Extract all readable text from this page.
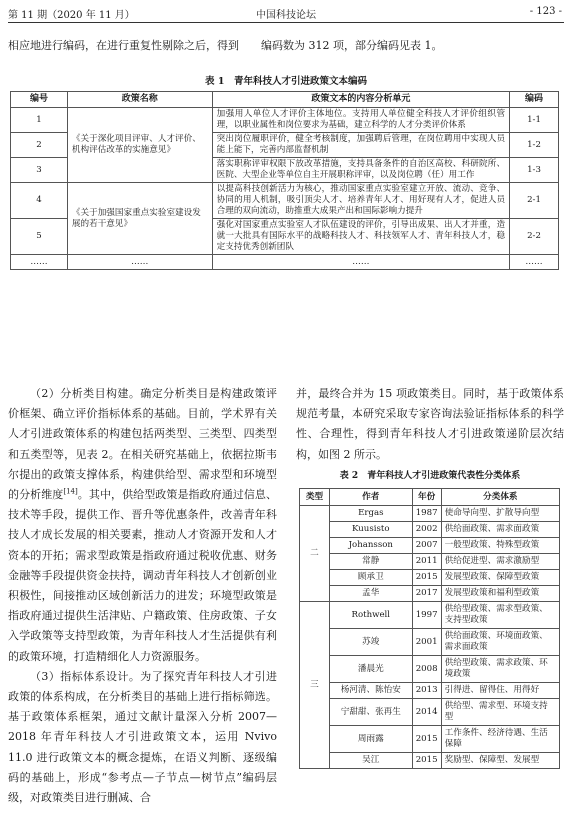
第 11 期（2020 年 11 月）	中国科技论坛	- 123 -
相应地进行编码，在进行重复性剔除之后，得到　　编码数为 312 项，部分编码见表 1。
表 1　青年科技人才引进政策文本编码
编号	政策名称	政策文本的内容分析单元	编码
1	《关于深化项目评审、人才评价、机构评估改革的实施意见》	加强用人单位人才评价主体地位。支持用人单位健全科技人才评价组织管理，以职业属性和岗位要求为基础，建立科学的人才分类评价体系	1-1
2		突出岗位履职评价，健全考核制度，加强聘后管理，在岗位聘用中实现人员能上能下，完善内部监督机制	1-2
3		落实职称评审权限下放改革措施，支持具备条件的自治区高校、科研院所、医院、大型企业等单位自主开展职称评审，以及岗位聘（任）用工作	1-3
4	《关于加强国家重点实验室建设发展的若干意见》	以提高科技创新活力为核心，推动国家重点实验室建立开放、流动、竞争、协同的用人机制，吸引顶尖人才、培养青年人才、用好现有人才，促进人员合理的双向流动，助推重大成果产出和国际影响力提升	2-1
5		强化对国家重点实验室人才队伍建设的评价，引导出成果、出人才并重，造就一大批具有国际水平的战略科技人才、科技领军人才、青年科技人才，稳定支持优秀创新团队	2-2
……	……	……	……

（2）分析类目构建。确定分析类目是构建政策评价框架、确立评价指标体系的基础。目前，学术界有关人才引进政策体系的构建包括两类型、三类型、四类型和五类型等，见表 2。在相关研究基础上，依据拉斯韦尔提出的政策支撑体系，构建供给型、需求型和环境型的分析维度[14]。其中，供给型政策是指政府通过信息、技术等手段，提供工作、晋升等优惠条件，改善青年科技人才成长发展的相关要素，推动人才资源开发和人才资本的开拓；需求型政策是指政府通过税收优惠、财务金融等手段提供资金扶持，调动青年科技人才创新创业积极性，间接推动区域创新活力的进发；环境型政策是指政府通过提供生活津贴、户籍政策、住房政策、子女入学政策等支持型政策，为青年科技人才生活提供有利的政策环境，打造精细化人力资源服务。

（3）指标体系设计。为了探究青年科技人才引进政策的体系构成，在分析类目的基础上进行指标筛选。基于政策体系框架，通过文献计量深入分析 2007—2018 年青年科技人才引进政策文本，运用 Nvivo 11.0 进行政策文本的概念提炼，在语义判断、逐级编码的基础上，形成“参考点—子节点—树节点”编码层级，对政策类目进行删减、合

并，最终合并为 15 项政策类目。同时，基于政策体系规范考量，本研究采取专家咨询法验证指标体系的科学性、合理性，得到青年科技人才引进政策递阶层次结构，如图 2 所示。

表 2　青年科技人才引进政策代表性分类体系
类型	作者	年份	分类体系
二	Ergas	1987	使命导向型、扩散导向型
	Kuusisto	2002	供给面政策、需求面政策
	Johansson	2007	一般型政策、特殊型政策
	常静	2011	供给促进型、需求激励型
	顾承卫	2015	发展型政策、保障型政策
	孟华	2017	发展型政策和福利型政策
三	Rothwell	1997	供给型政策、需求型政策、支持型政策
	苏竣	2001	供给面政策、环境面政策、需求面政策
	潘晨光	2008	供给型政策、需求政策、环境政策
	杨河清、陈怡安	2013	引得进、留得住、用得好
	宁甜甜、张再生	2014	供给型、需求型、环境支持型
	周雨露	2015	工作条件、经济待遇、生活保障
	吴江	2015	奖励型、保障型、发展型
